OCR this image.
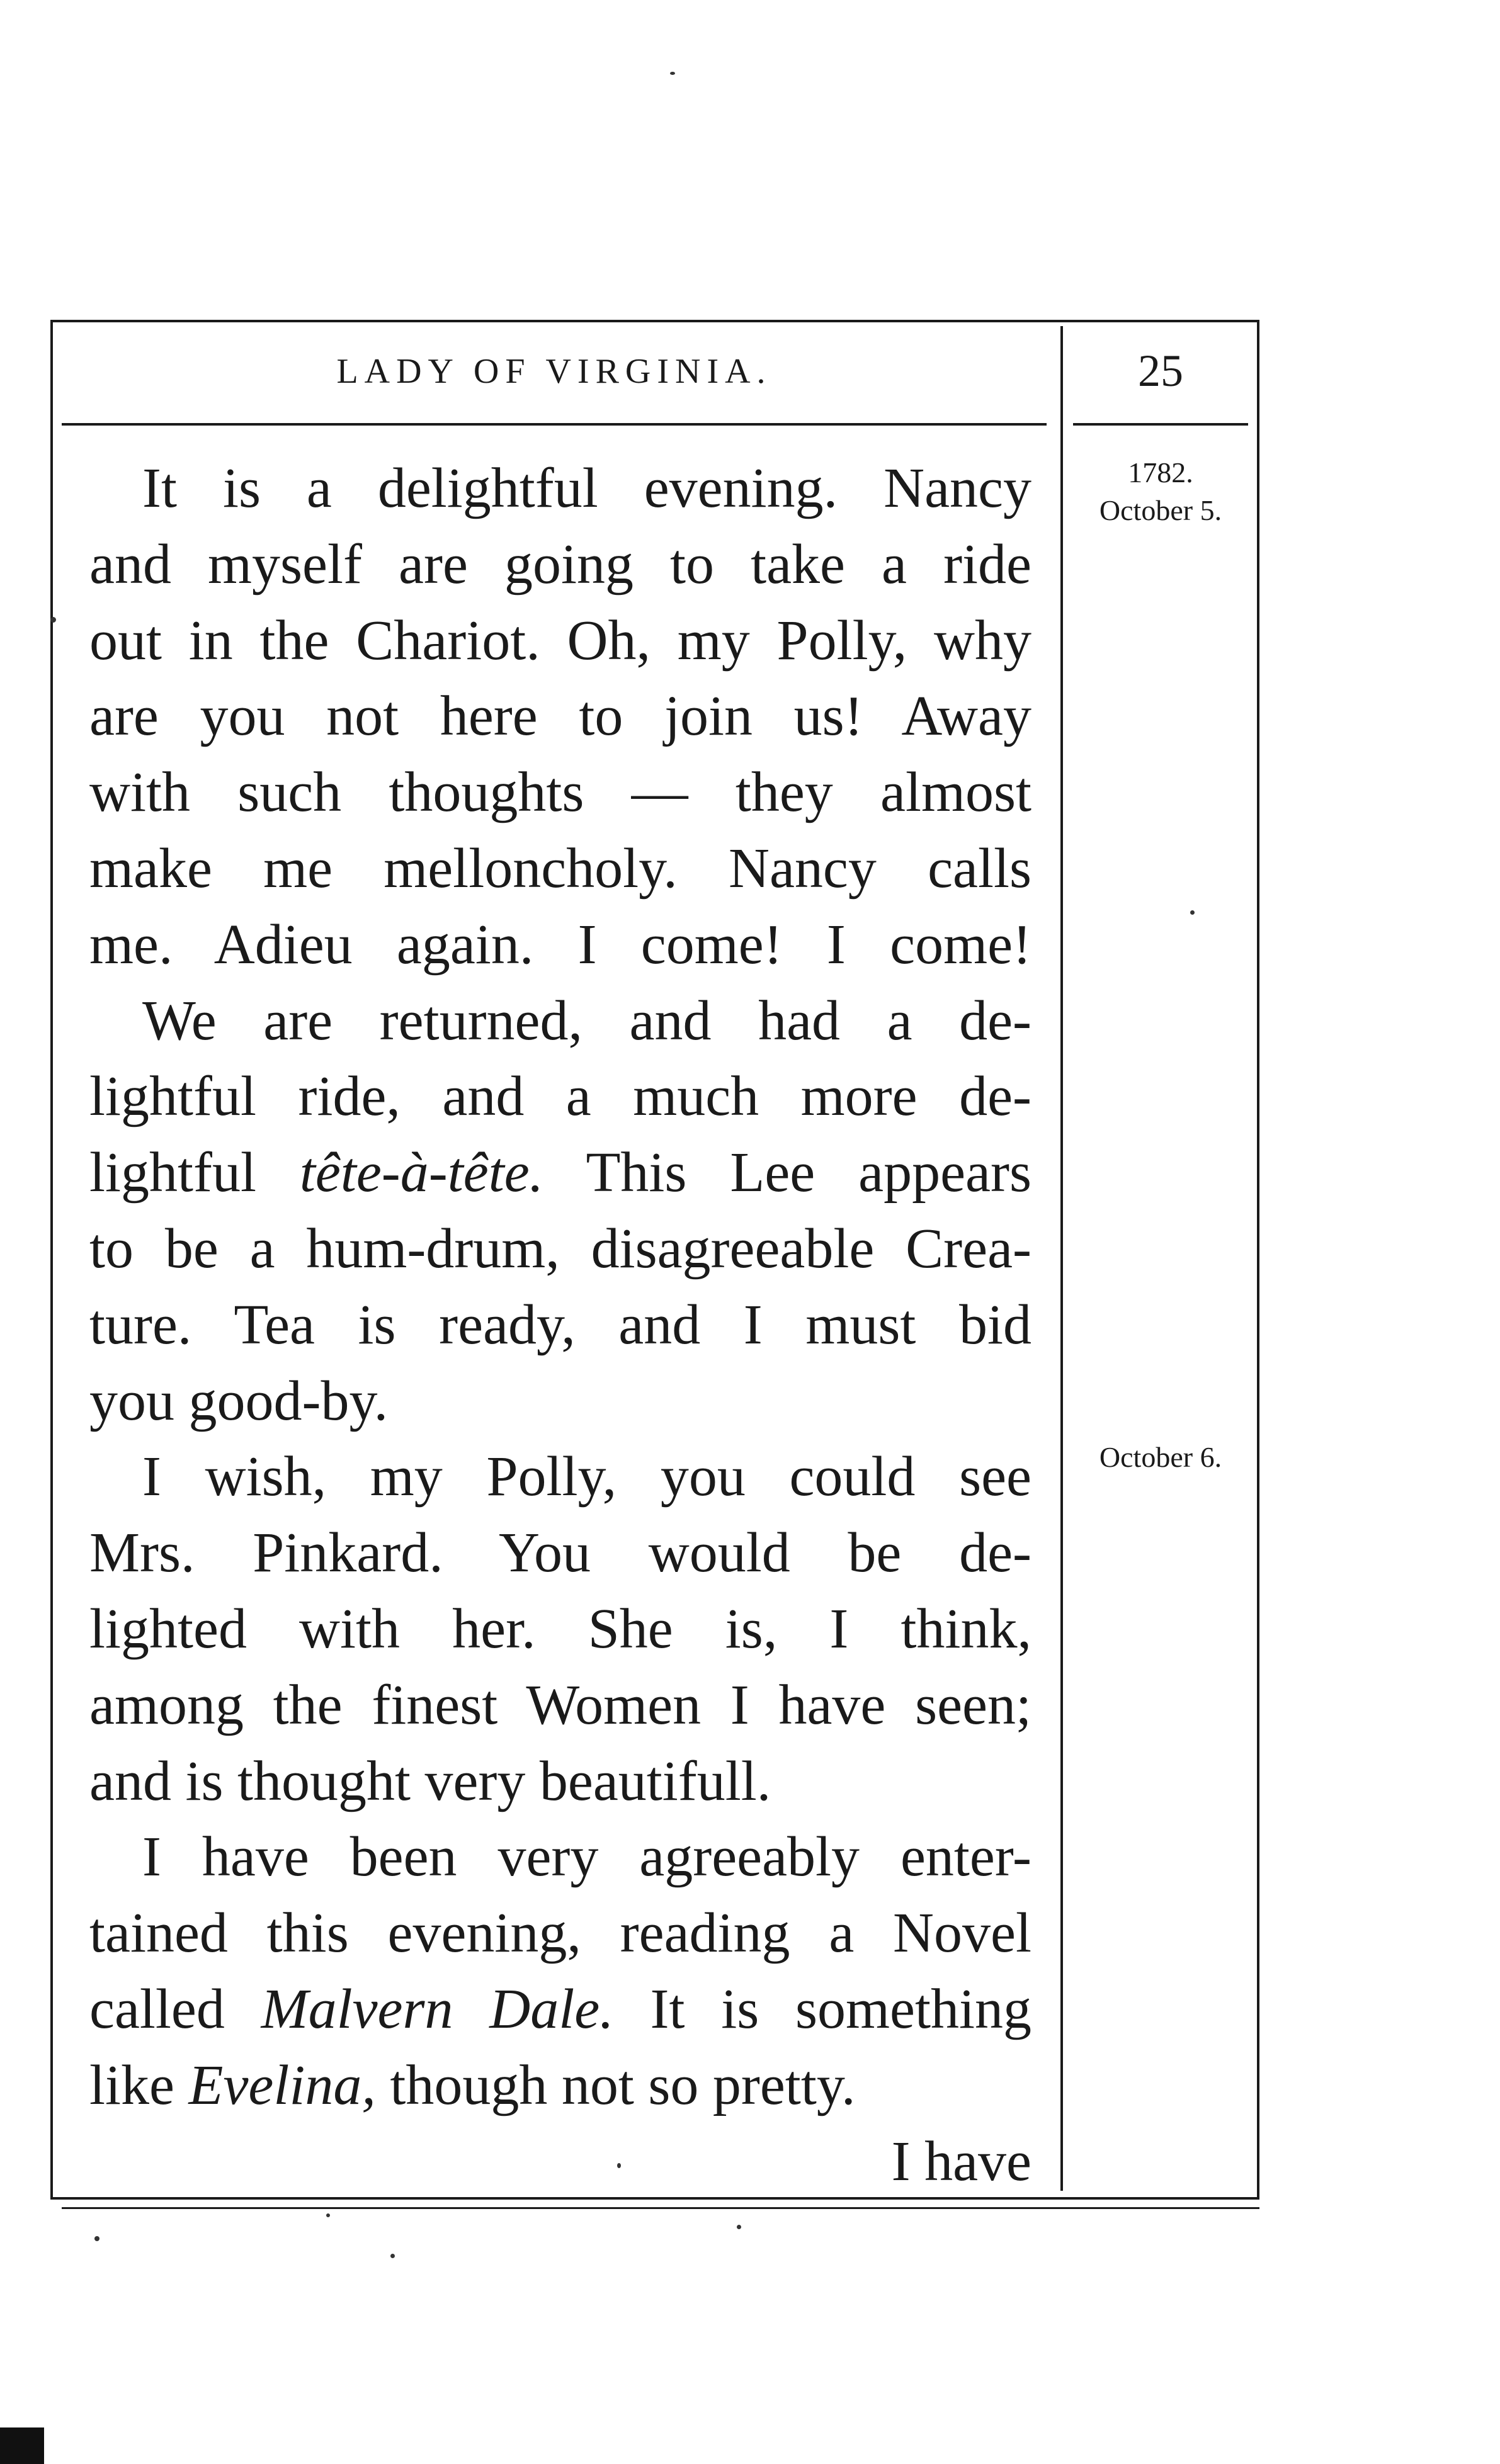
LADY OF VIRGINIA.	25
1782.
October 5.
October 6.

It is a delightful evening. Nancy

and myself are going to take a ride

out in the Chariot. Oh, my Polly, why

are you not here to join us! Away

with such thoughts — they almost

make me melloncholy. Nancy calls

me. Adieu again. I come! I come!

We are returned, and had a de-

lightful ride, and a much more de-

lightful tête-à-tête. This Lee appears

to be a hum-drum, disagreeable Crea-

ture. Tea is ready, and I must bid

you good-by.

I wish, my Polly, you could see

Mrs. Pinkard. You would be de-

lighted with her. She is, I think,

among the finest Women I have seen;

and is thought very beautifull.

I have been very agreeably enter-

tained this evening, reading a Novel

called Malvern Dale. It is something

like Evelina, though not so pretty.

I have
